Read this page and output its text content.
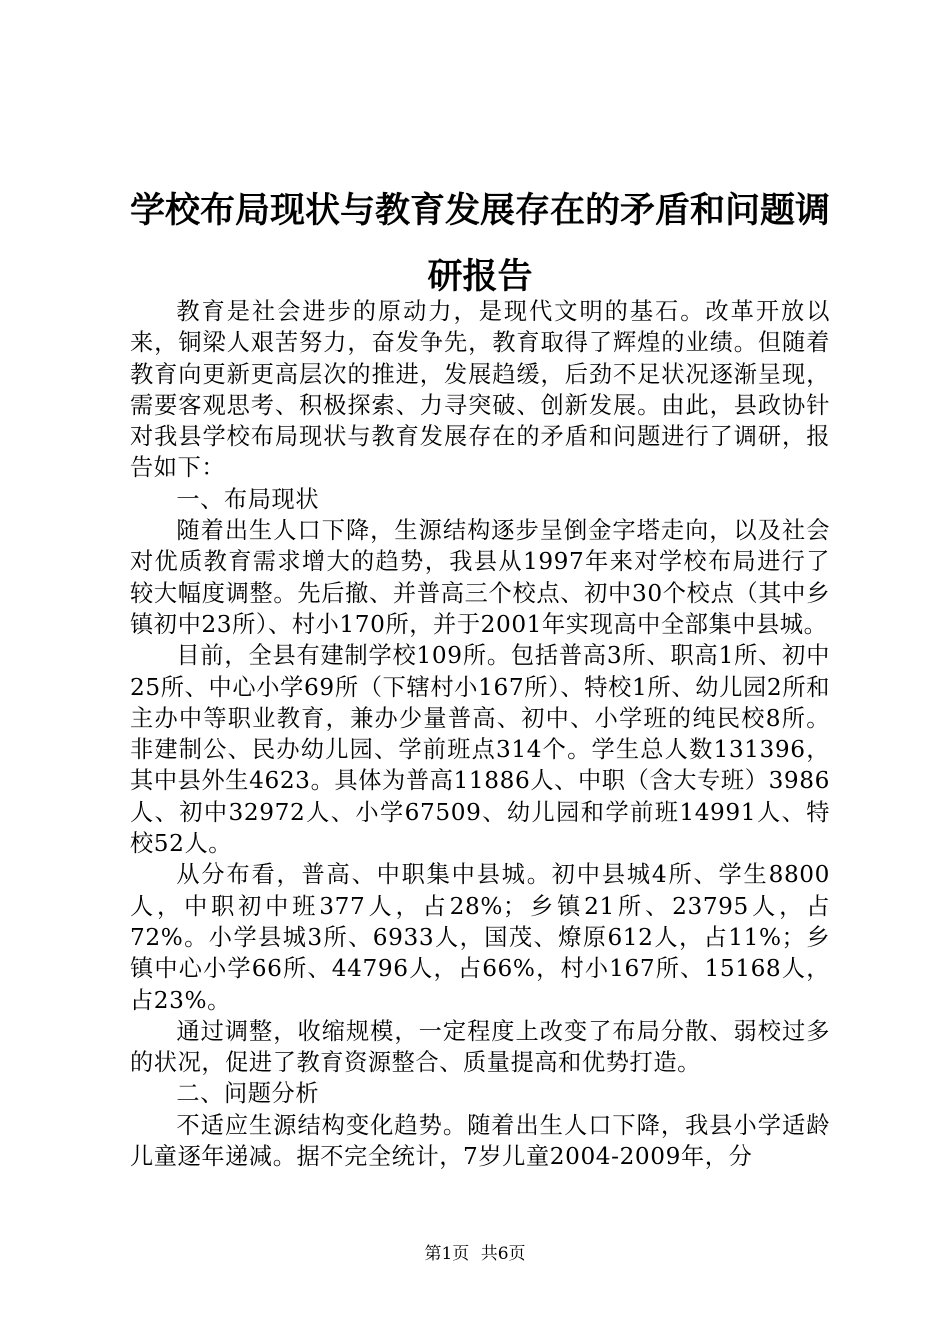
学校布局现状与教育发展存在的矛盾和问题调
研报告

教育是社会进步的原动力，是现代文明的基石。改革开放以来，铜梁人艰苦努力，奋发争先，教育取得了辉煌的业绩。但随着教育向更新更高层次的推进，发展趋缓，后劲不足状况逐渐呈现，需要客观思考、积极探索、力寻突破、创新发展。由此，县政协针对我县学校布局现状与教育发展存在的矛盾和问题进行了调研，报告如下：

一、布局现状

随着出生人口下降，生源结构逐步呈倒金字塔走向，以及社会对优质教育需求增大的趋势，我县从1997年来对学校布局进行了较大幅度调整。先后撤、并普高三个校点、初中30个校点（其中乡镇初中23所）、村小170所，并于2001年实现高中全部集中县城。

目前，全县有建制学校109所。包括普高3所、职高1所、初中25所、中心小学69所（下辖村小167所）、特校1所、幼儿园2所和主办中等职业教育，兼办少量普高、初中、小学班的纯民校8所。非建制公、民办幼儿园、学前班点314个。学生总人数131396，其中县外生4623。具体为普高11886人、中职（含大专班）3986人、初中32972人、小学67509、幼儿园和学前班14991人、特校52人。

从分布看，普高、中职集中县城。初中县城4所、学生8800人，中职初中班377人，占28%；乡镇21所、23795人，占72%。小学县城3所、6933人，国茂、燎原612人，占11%；乡镇中心小学66所、44796人，占66%，村小167所、15168人，占23%。

通过调整，收缩规模，一定程度上改变了布局分散、弱校过多的状况，促进了教育资源整合、质量提高和优势打造。

二、问题分析

不适应生源结构变化趋势。随着出生人口下降，我县小学适龄儿童逐年递减。据不完全统计，7岁儿童2004-2009年，分

第1页 共6页
